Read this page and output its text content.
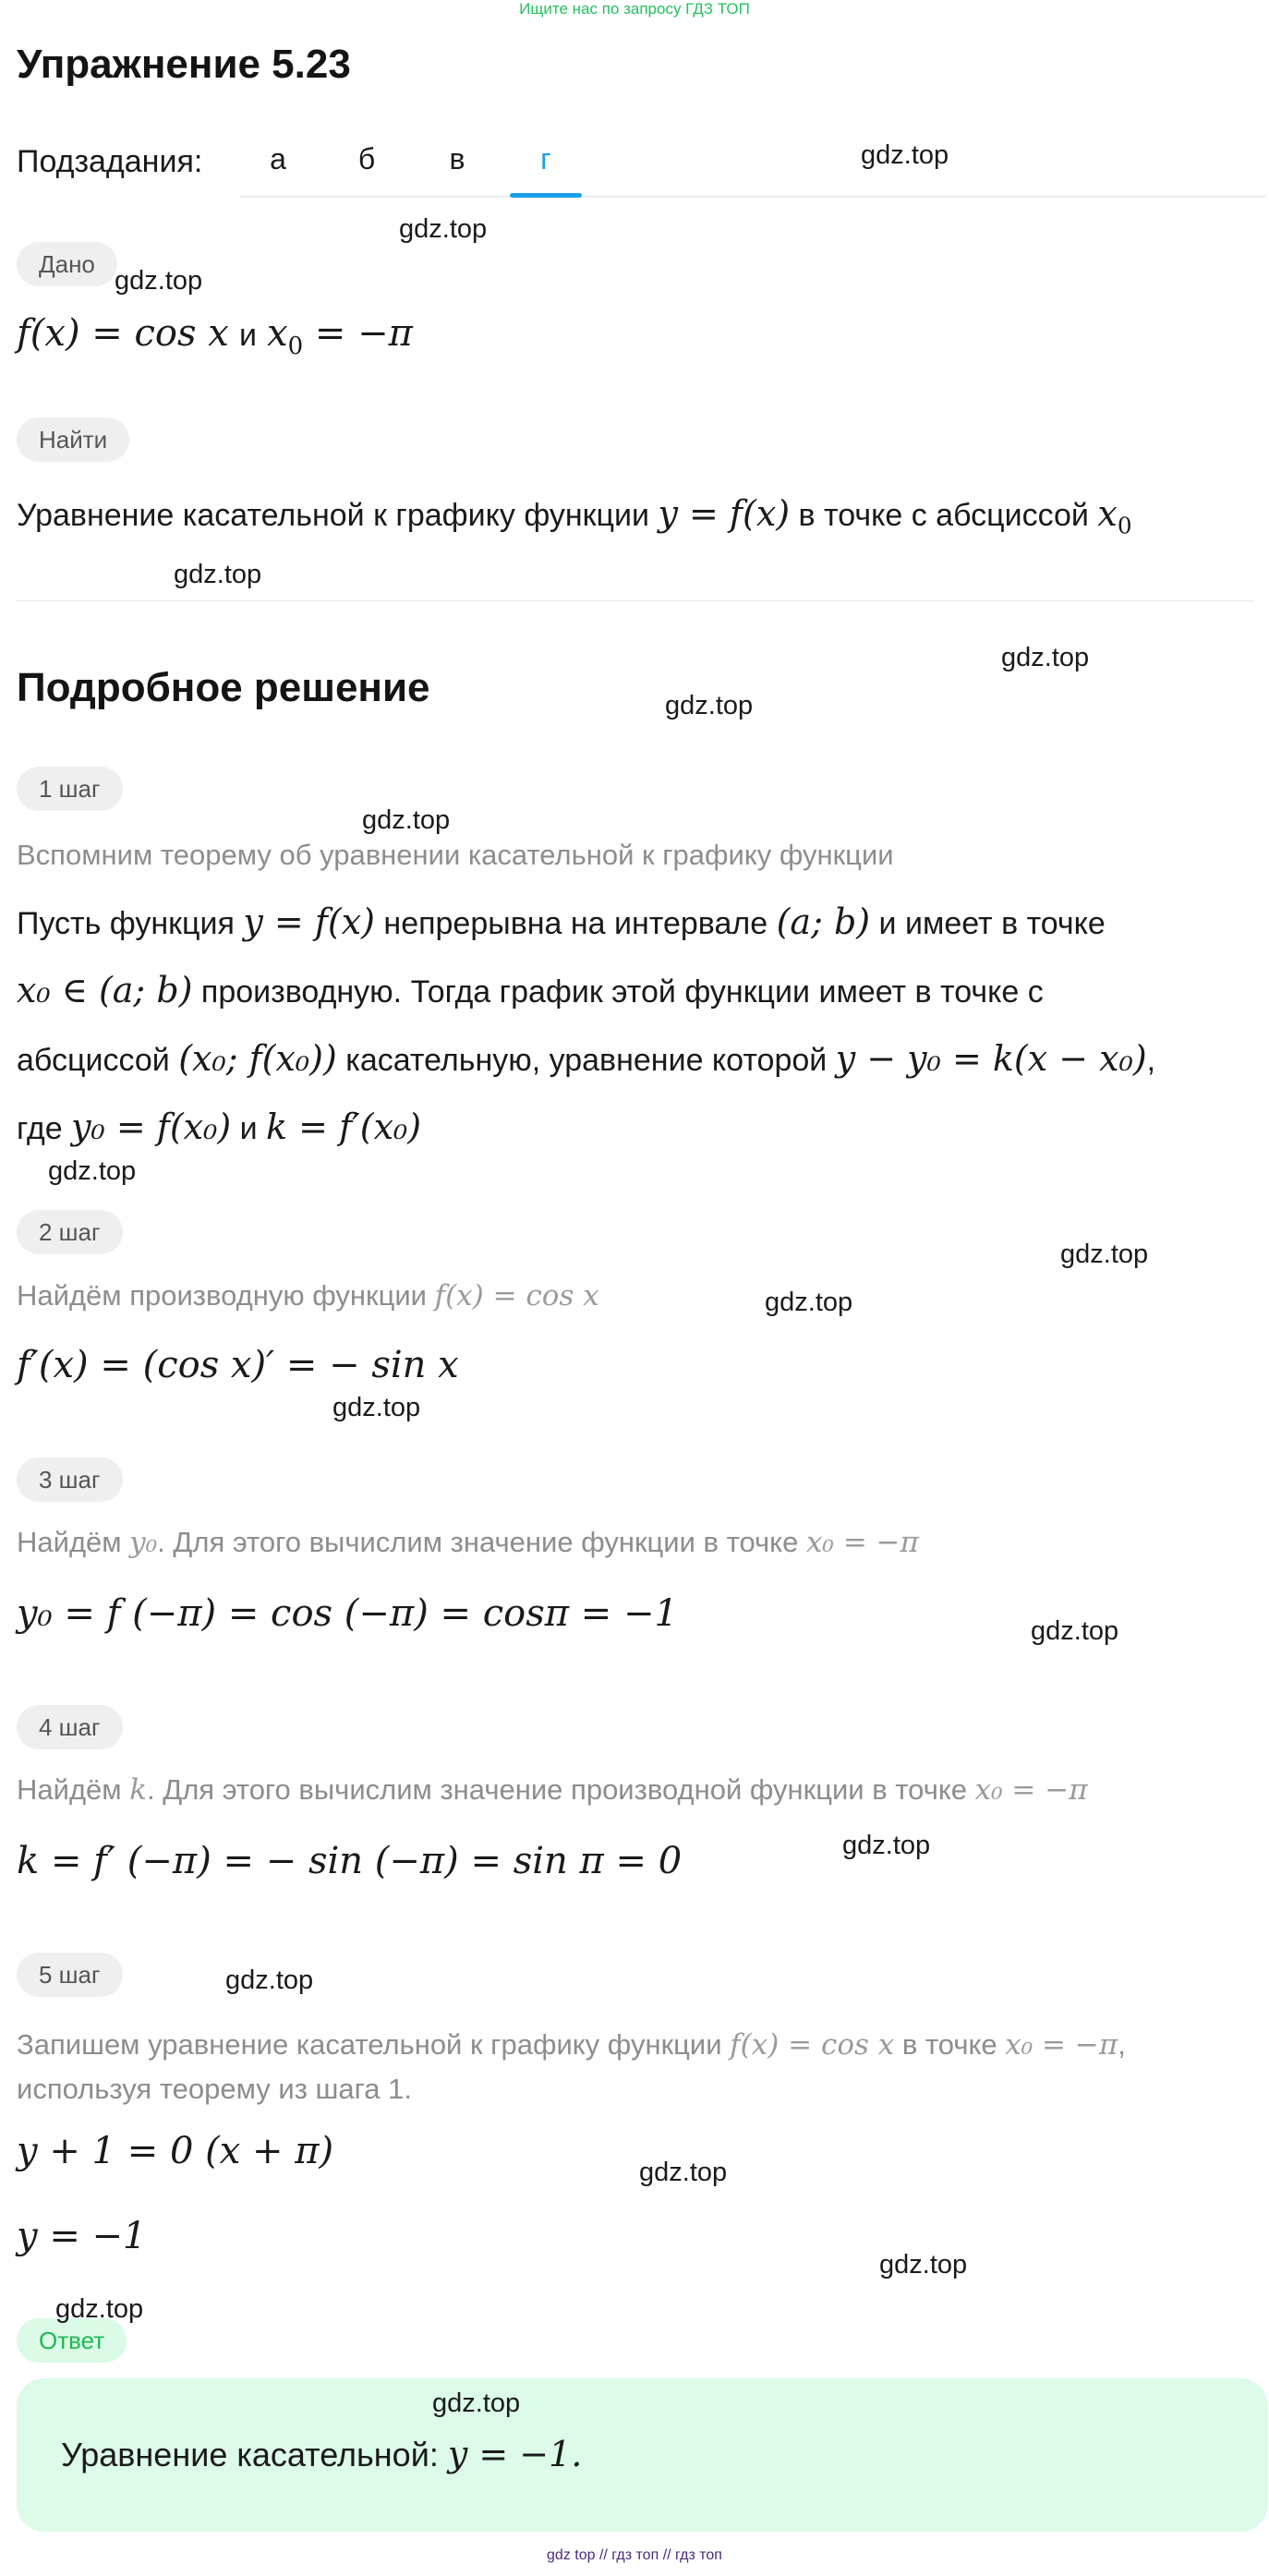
Ищите нас по запросу ГДЗ ТОП
Упражнение 5.23
Подзадания:	а	б	в	г
Дано
f(x) = cos x и $x_0 = -\pi$
Найти
Уравнение касательной к графику функции y = f(x) в точке с абсциссой $x_0$
Подробное решение
1 шаг
Вспомним теорему об уравнении касательной к графику функции
Пусть функция y = f(x) непрерывна на интервале (a; b) и имеет в точке
x₀ ∈ (a; b) производную. Тогда график этой функции имеет в точке с
абсциссой (x₀; f(x₀)) касательную, уравнение которой y − y₀ = k(x − x₀),
где y₀ = f(x₀) и k = f′(x₀)
2 шаг
Найдём производную функции f(x) = cos x
f′(x) = (cos x)′ = − sin x
3 шаг
Найдём y₀. Для этого вычислим значение функции в точке x₀ = −π
y₀ = f (−π) = cos (−π) = cosπ = −1
4 шаг
Найдём k. Для этого вычислим значение производной функции в точке x₀ = −π
k = f′ (−π) = − sin (−π) = sin π = 0
5 шаг
Запишем уравнение касательной к графику функции f(x) = cos x в точке x₀ = −π,
используя теорему из шага 1.
y + 1 = 0 (x + π)
y = −1
Ответ
Уравнение касательной: y = −1.
gdz.top
gdz.top
gdz.top
gdz.top
gdz.top
gdz.top
gdz.top
gdz.top
gdz.top
gdz.top
gdz.top
gdz.top
gdz.top
gdz.top
gdz.top
gdz.top
gdz.top
gdz.top
gdz top // гдз топ // гдз топ
